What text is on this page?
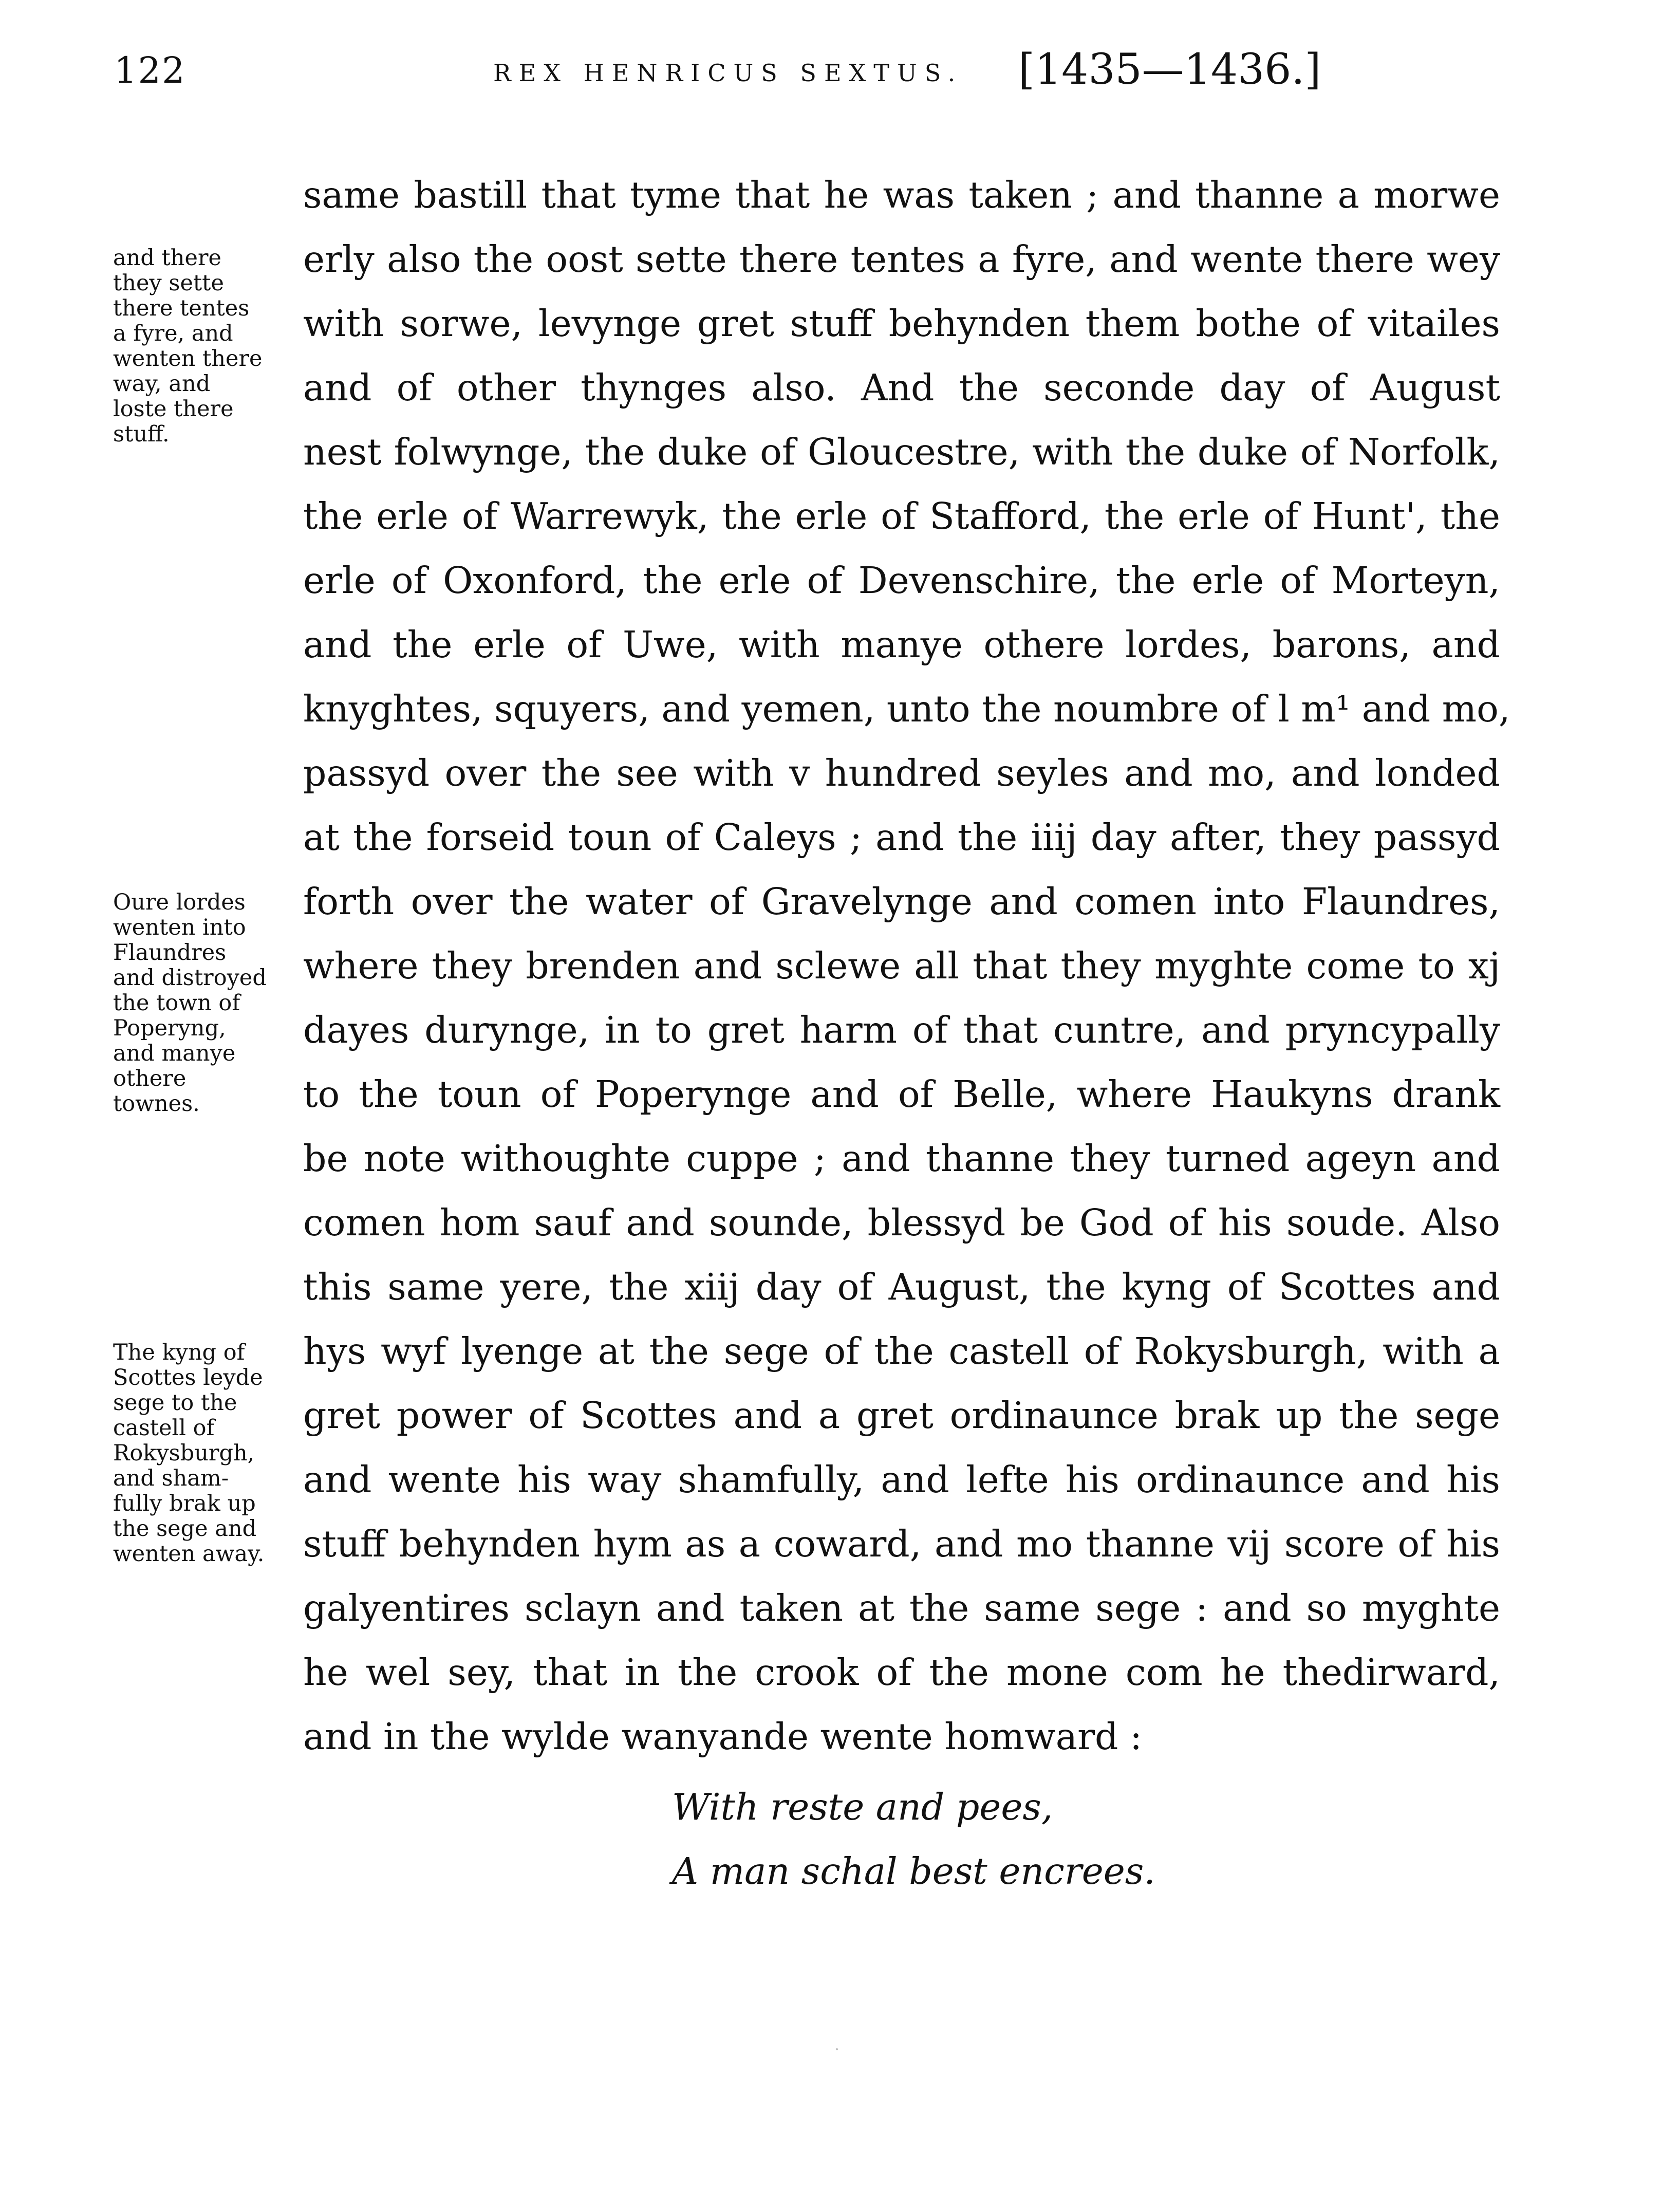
122	REX HENRICUS SEXTUS. [1435—1436.]
and there
they sette
there tentes
a fyre, and
wenten there
way, and
loste there
stuff.
Oure lordes
wenten into
Flaundres
and distroyed
the town of
Poperyng,
and manye
othere
townes.
The kyng of
Scottes leyde
sege to the
castell of
Rokysburgh,
and sham-
fully brak up
the sege and
wenten away.
same bastill that tyme that he was taken ; and thanne a morwe
erly also the oost sette there tentes a fyre, and wente there wey
with sorwe, levynge gret stuff behynden them bothe of vitailes
and of other thynges also. And the seconde day of August
nest folwynge, the duke of Gloucestre, with the duke of Norfolk,
the erle of Warrewyk, the erle of Stafford, the erle of Hunt', the
erle of Oxonford, the erle of Devenschire, the erle of Morteyn,
and the erle of Uwe, with manye othere lordes, barons, and
knyghtes, squyers, and yemen, unto the noumbre of l m¹ and mo,
passyd over the see with v hundred seyles and mo, and londed
at the forseid toun of Caleys ; and the iiij day after, they passyd
forth over the water of Gravelynge and comen into Flaundres,
where they brenden and sclewe all that they myghte come to xj
dayes durynge, in to gret harm of that cuntre, and pryncypally
to the toun of Poperynge and of Belle, where Haukyns drank
be note withoughte cuppe ; and thanne they turned ageyn and
comen hom sauf and sounde, blessyd be God of his soude. Also
this same yere, the xiij day of August, the kyng of Scottes and
hys wyf lyenge at the sege of the castell of Rokysburgh, with a
gret power of Scottes and a gret ordinaunce brak up the sege
and wente his way shamfully, and lefte his ordinaunce and his
stuff behynden hym as a coward, and mo thanne vij score of his
galyentires sclayn and taken at the same sege : and so myghte
he wel sey, that in the crook of the mone com he thedirward,
and in the wylde wanyande wente homward :
With reste and pees,
A man schal best encrees.
